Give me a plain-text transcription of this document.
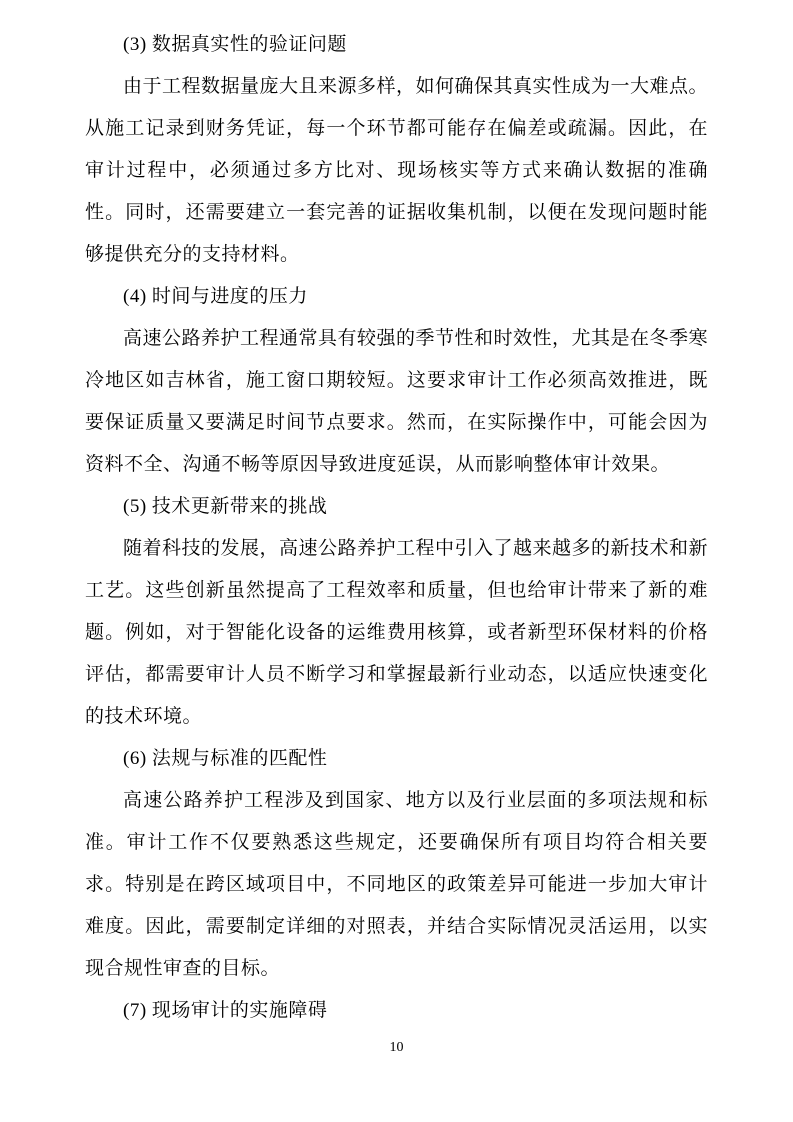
(3) 数据真实性的验证问题

由于工程数据量庞大且来源多样，如何确保其真实性成为一大难点。从施工记录到财务凭证，每一个环节都可能存在偏差或疏漏。因此，在审计过程中，必须通过多方比对、现场核实等方式来确认数据的准确性。同时，还需要建立一套完善的证据收集机制，以便在发现问题时能够提供充分的支持材料。

(4) 时间与进度的压力

高速公路养护工程通常具有较强的季节性和时效性，尤其是在冬季寒冷地区如吉林省，施工窗口期较短。这要求审计工作必须高效推进，既要保证质量又要满足时间节点要求。然而，在实际操作中，可能会因为资料不全、沟通不畅等原因导致进度延误，从而影响整体审计效果。

(5) 技术更新带来的挑战

随着科技的发展，高速公路养护工程中引入了越来越多的新技术和新工艺。这些创新虽然提高了工程效率和质量，但也给审计带来了新的难题。例如，对于智能化设备的运维费用核算，或者新型环保材料的价格评估，都需要审计人员不断学习和掌握最新行业动态，以适应快速变化的技术环境。

(6) 法规与标准的匹配性

高速公路养护工程涉及到国家、地方以及行业层面的多项法规和标准。审计工作不仅要熟悉这些规定，还要确保所有项目均符合相关要求。特别是在跨区域项目中，不同地区的政策差异可能进一步加大审计难度。因此，需要制定详细的对照表，并结合实际情况灵活运用，以实现合规性审查的目标。

(7) 现场审计的实施障碍

10
